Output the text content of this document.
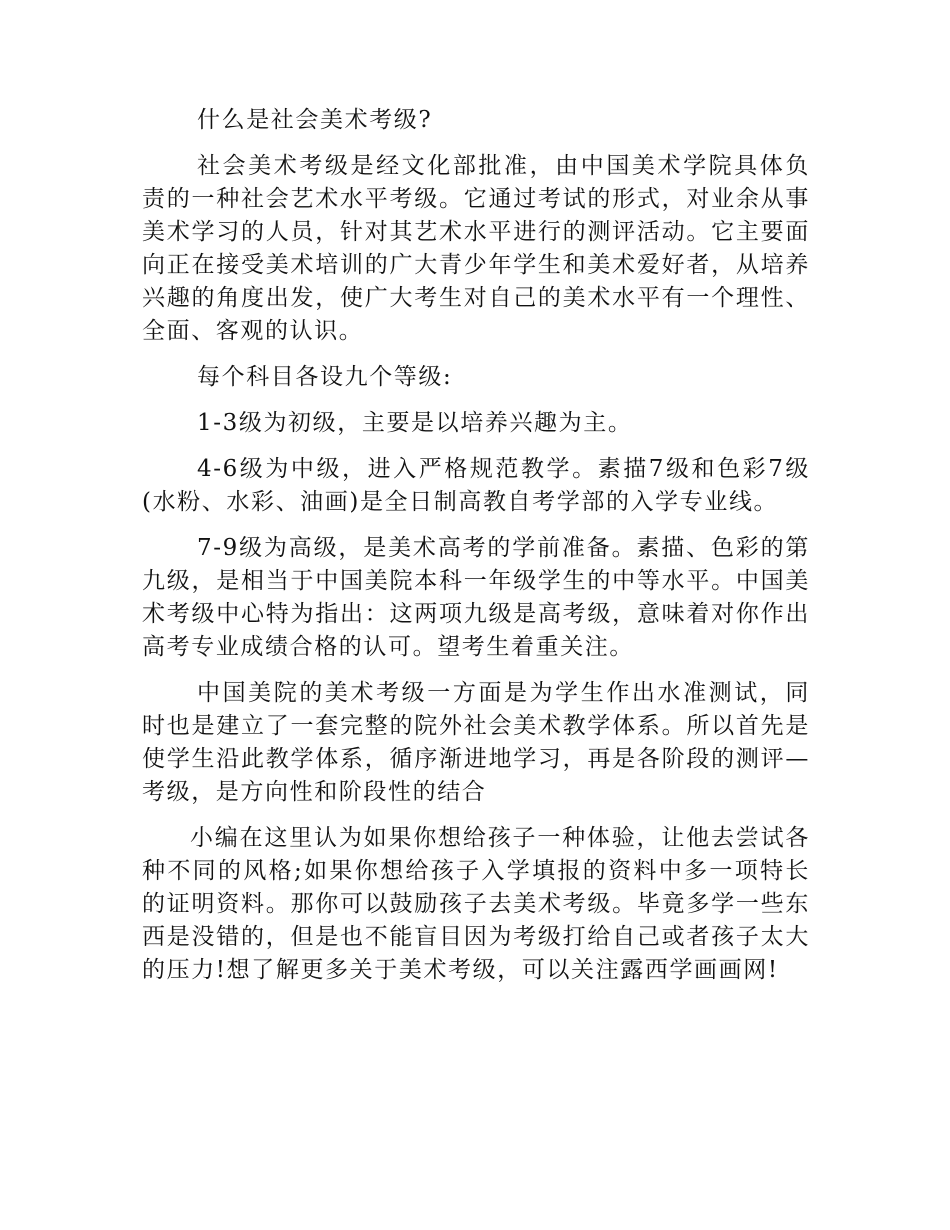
什么是社会美术考级?

社会美术考级是经文化部批准，由中国美术学院具体负责的一种社会艺术水平考级。它通过考试的形式，对业余从事美术学习的人员，针对其艺术水平进行的测评活动。它主要面向正在接受美术培训的广大青少年学生和美术爱好者，从培养兴趣的角度出发，使广大考生对自己的美术水平有一个理性、全面、客观的认识。

每个科目各设九个等级:

1-3级为初级，主要是以培养兴趣为主。

4-6级为中级，进入严格规范教学。素描7级和色彩7级(水粉、水彩、油画)是全日制高教自考学部的入学专业线。

7-9级为高级，是美术高考的学前准备。素描、色彩的第九级，是相当于中国美院本科一年级学生的中等水平。中国美术考级中心特为指出：这两项九级是高考级，意味着对你作出高考专业成绩合格的认可。望考生着重关注。

中国美院的美术考级一方面是为学生作出水准测试，同时也是建立了一套完整的院外社会美术教学体系。所以首先是使学生沿此教学体系，循序渐进地学习，再是各阶段的测评—考级，是方向性和阶段性的结合

小编在这里认为如果你想给孩子一种体验，让他去尝试各种不同的风格;如果你想给孩子入学填报的资料中多一项特长的证明资料。那你可以鼓励孩子去美术考级。毕竟多学一些东西是没错的，但是也不能盲目因为考级打给自己或者孩子太大的压力!想了解更多关于美术考级，可以关注露西学画画网!
